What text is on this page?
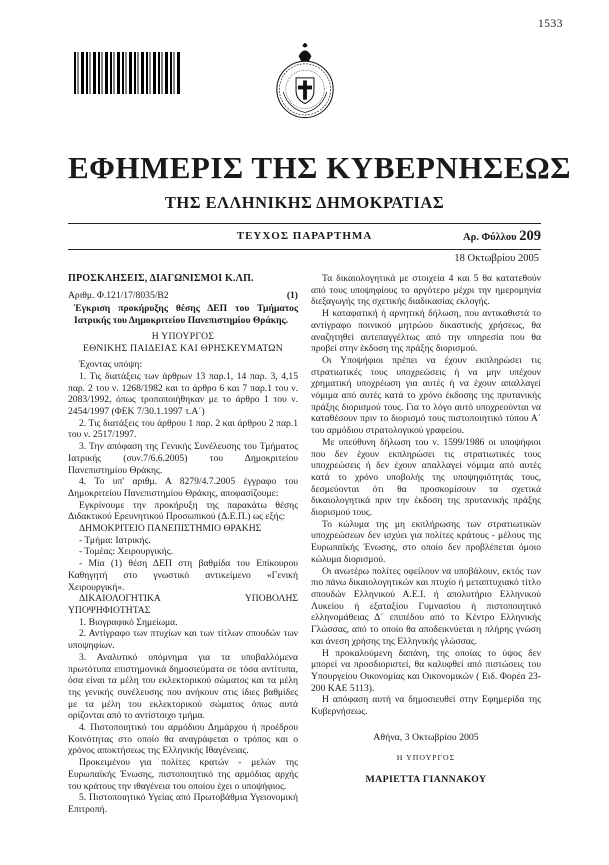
1533
ΕΦΗΜΕΡΙΣ ΤΗΣ ΚΥΒΕΡΝΗΣΕΩΣ
ΤΗΣ ΕΛΛΗΝΙΚΗΣ ΔΗΜΟΚΡΑΤΙΑΣ
ΤΕΥΧΟΣ ΠΑΡΑΡΤΗΜΑ	Αρ. Φύλλου 209
18 Οκτωβρίου 2005
ΠΡΟΣΚΛΗΣΕΙΣ, ΔΙΑΓΩΝΙΣΜΟΙ Κ.ΛΠ.
Αριθμ. Φ.121/17/8035/Β2	(1)

Έγκριση προκήρυξης θέσης ΔΕΠ του Τμήματος Ιατρικής του Δημοκριτείου Πανεπιστημίου Θράκης.

Η ΥΠΟΥΡΓΟΣ

ΕΘΝΙΚΗΣ ΠΑΙΔΕΙΑΣ ΚΑΙ ΘΡΗΣΚΕΥΜΑΤΩΝ

Έχοντας υπόψη:

1. Τις διατάξεις των άρθρων 13 παρ.1, 14 παρ. 3, 4,15 παρ. 2 του ν. 1268/1982 και το άρθρο 6 και 7 παρ.1 του ν. 2083/1992, όπως τροποποιήθηκαν με το άρθρο 1 του ν. 2454/1997 (ΦΕΚ 7/30.1.1997 τ.Α΄)

2. Τις διατάξεις του άρθρου 1 παρ. 2 και άρθρου 2 παρ.1 του ν. 2517/1997.

3. Την απόφαση της Γενικής Συνέλευσης του Τμήματος Ιατρικής (συν.7/6.6.2005) του Δημοκριτείου Πανεπιστημίου Θράκης.

4. Το υπ' αριθμ. Α 8279/4.7.2005 έγγραφο του Δημοκριτείου Πανεπιστημίου Θράκης, αποφασίζουμε:

Εγκρίνουμε την προκήρυξη της παρακάτω θέσης Διδακτικού Ερευνητικού Προσωπικού (Δ.Ε.Π.) ως εξής:

ΔΗΜΟΚΡΙΤΕΙΟ ΠΑΝΕΠΙΣΤΗΜΙΟ ΘΡΑΚΗΣ

- Τμήμα: Ιατρικής.

- Τομέας: Χειρουργικής.

- Μία (1) θέση ΔΕΠ στη βαθμίδα του Επίκουρου Καθηγητή στο γνωστικό αντικείμενο «Γενική Χειρουργική».

ΔΙΚΑΙΟΛΟΓΗΤΙΚΑ ΥΠΟΒΟΛΗΣ ΥΠΟΨΗΦΙΟΤΗΤΑΣ

1. Βιογραφικό Σημείωμα.

2. Αντίγραφο των πτυχίων και των τίτλων σπουδών των υποψηφίων.

3. Αναλυτικό υπόμνημα για τα υποβαλλόμενα πρωτότυπα επιστημονικά δημοσιεύματα σε τόσα αντίτυπα, όσα είναι τα μέλη του εκλεκτορικού σώματος και τα μέλη της γενικής συνέλευσης που ανήκουν στις ίδιες βαθμίδες με τα μέλη του εκλεκτορικού σώματος όπως αυτά ορίζονται από το αντίστοιχο τμήμα.

4. Πιστοποιητικό του αρμόδιου Δημάρχου ή προέδρου Κοινότητας στο οποίο θα αναγράφεται ο τρόπος και ο χρόνος αποκτήσεως της Ελληνικής Ιθαγένειας.

Προκειμένου για πολίτες κρατών - μελών της Ευρωπαϊκής Ένωσης, πιστοποιητικό της αρμόδιας αρχής του κράτους την ιθαγένεια του οποίου έχει ο υποψήφιος.

5. Πιστοποιητικό Υγείας από Πρωτοβάθμια Υγειονομική Επιτροπή.

Τα δικαιολογητικά με στοιχεία 4 και 5 θα κατατεθούν από τους υποψηφίους το αργότερο μέχρι την ημερομηνία διεξαγωγής της σχετικής διαδικασίας εκλογής.

Η καταφατική ή αρνητική δήλωση, που αντικαθιστά το αντίγραφο ποινικού μητρώου δικαστικής χρήσεως, θα αναζητηθεί αυτεπαγγέλτως από την υπηρεσία που θα προβεί στην έκδοση της πράξης διορισμού.

Οι Υποψήφιοι πρέπει να έχουν εκπληρώσει τις στρατιωτικές τους υποχρεώσεις ή να μην υπέχουν χρηματική υποχρέωση για αυτές ή να έχουν απαλλαγεί νόμιμα από αυτές κατά το χρόνο έκδοσης της πρυτανικής πράξης διορισμού τους. Για το λόγο αυτό υποχρεούνται να καταθέσουν πριν το διορισμό τους πιστοποιητικό τύπου Α΄ του αρμόδιου στρατολογικού γραφείου.

Με υπεύθυνη δήλωση του ν. 1599/1986 οι υποψήφιοι που δεν έχουν εκπληρώσει τις στρατιωτικές τους υποχρεώσεις ή δεν έχουν απαλλαγεί νόμιμα από αυτές κατά το χρόνο υποβολής της υποψηφιότητάς τους, δεσμεύονται ότι θα προσκομίσουν τα σχετικά δικαιολογητικά πριν την έκδοση της πρυτανικής πράξης διορισμού τους.

Το κώλυμα της μη εκπλήρωσης των στρατιωτικών υποχρεώσεων δεν ισχύει για πολίτες κράτους - μέλους της Ευρωπαϊκής Ένωσης, στο οποίο δεν προβλέπεται όμοιο κώλυμα διορισμού.

Οι ανωτέρω πολίτες οφείλουν να υποβάλουν, εκτός των πιο πάνω δικαιολογητικών και πτυχίο ή μεταπτυχιακό τίτλο σπουδών Ελληνικού Α.Ε.Ι. ή απολυτήριο Ελληνικού Λυκείου ή εξαταξίου Γυμνασίου ή πιστοποιητικό ελληνομάθειας Δ΄ επιπέδου από το Κέντρο Ελληνικής Γλώσσας, από το οποίο θα αποδεικνύεται η πλήρης γνώση και άνεση χρήσης της Ελληνικής γλώσσας.

Η προκαλούμενη δαπάνη, της οποίας το ύψος δεν μπορεί να προσδιοριστεί, θα καλυφθεί από πιστώσεις του Υπουργείου Οικονομίας και Οικονομικών ( Ειδ. Φορέα 23-200 ΚΑΕ 5113).

Η απόφαση αυτή να δημοσιευθεί στην Εφημερίδα της Κυβερνήσεως.

Αθήνα, 3 Οκτωβρίου 2005
Η ΥΠΟΥΡΓΟΣ
ΜΑΡΙΕΤΤΑ ΓΙΑΝΝΑΚΟΥ
